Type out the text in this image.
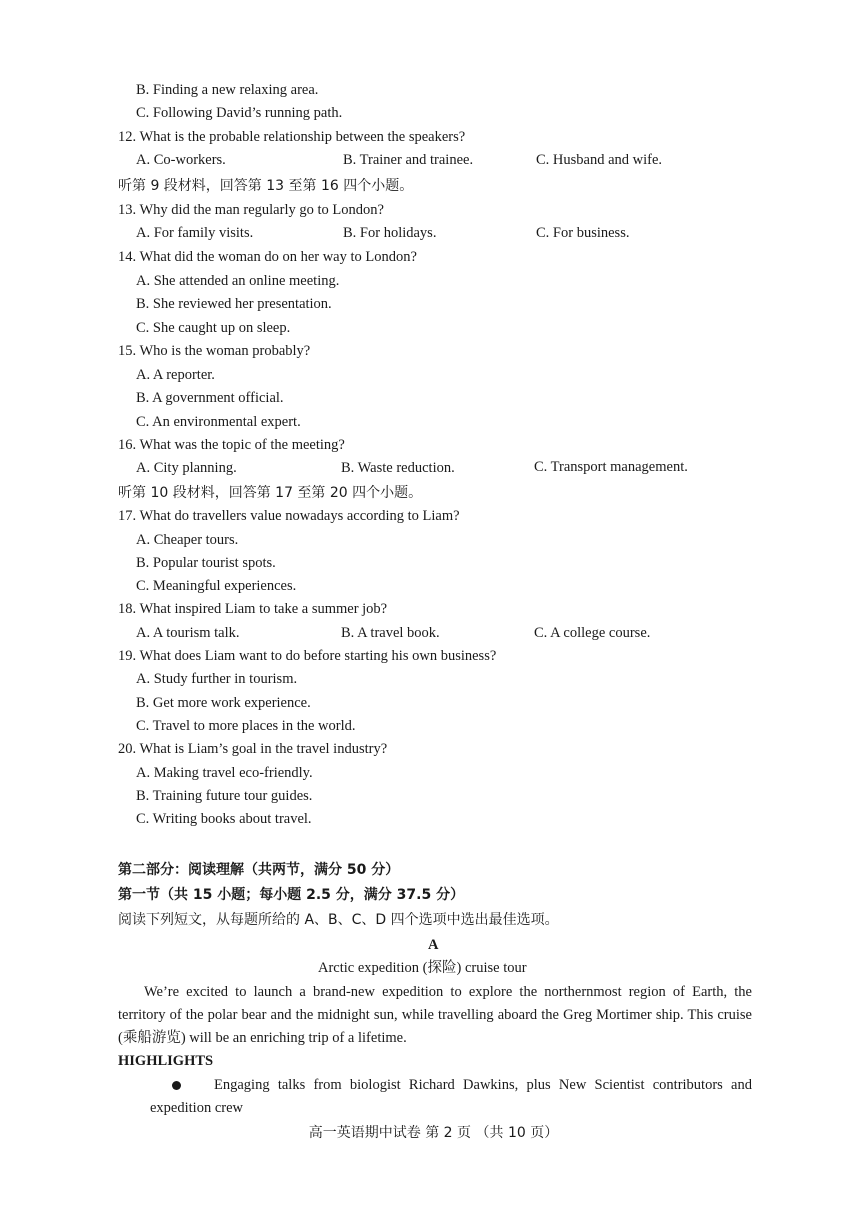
B. Finding a new relaxing area.
C. Following David’s running path.
12. What is the probable relationship between the speakers?
A. Co-workers.	B. Trainer and trainee.	C. Husband and wife.
听第 9 段材料，回答第 13 至第 16 四个小题。
13. Why did the man regularly go to London?
A. For family visits.	B. For holidays.	C. For business.
14. What did the woman do on her way to London?
A. She attended an online meeting.
B. She reviewed her presentation.
C. She caught up on sleep.
15. Who is the woman probably?
A. A reporter.
B. A government official.
C. An environmental expert.
16. What was the topic of the meeting?
A. City planning.	B. Waste reduction.	C. Transport management.
听第 10 段材料，回答第 17 至第 20 四个小题。
17. What do travellers value nowadays according to Liam?
A. Cheaper tours.
B. Popular tourist spots.
C. Meaningful experiences.
18. What inspired Liam to take a summer job?
A. A tourism talk.	B. A travel book.	C. A college course.
19. What does Liam want to do before starting his own business?
A. Study further in tourism.
B. Get more work experience.
C. Travel to more places in the world.
20. What is Liam’s goal in the travel industry?
A. Making travel eco-friendly.
B. Training future tour guides.
C. Writing books about travel.
第二部分：阅读理解（共两节，满分 50 分）
第一节（共 15 小题；每小题 2.5 分，满分 37.5 分）
阅读下列短文，从每题所给的 A、B、C、D 四个选项中选出最佳选项。
A
Arctic expedition (探险) cruise tour
We’re excited to launch a brand-new expedition to explore the northernmost region of Earth, the territory of the polar bear and the midnight sun, while travelling aboard the Greg Mortimer ship. This cruise (乘船游览) will be an enriching trip of a lifetime.
HIGHLIGHTS
Engaging talks from biologist Richard Dawkins, plus New Scientist contributors and expedition crew
高一英语期中试卷 第 2 页 （共 10 页）
